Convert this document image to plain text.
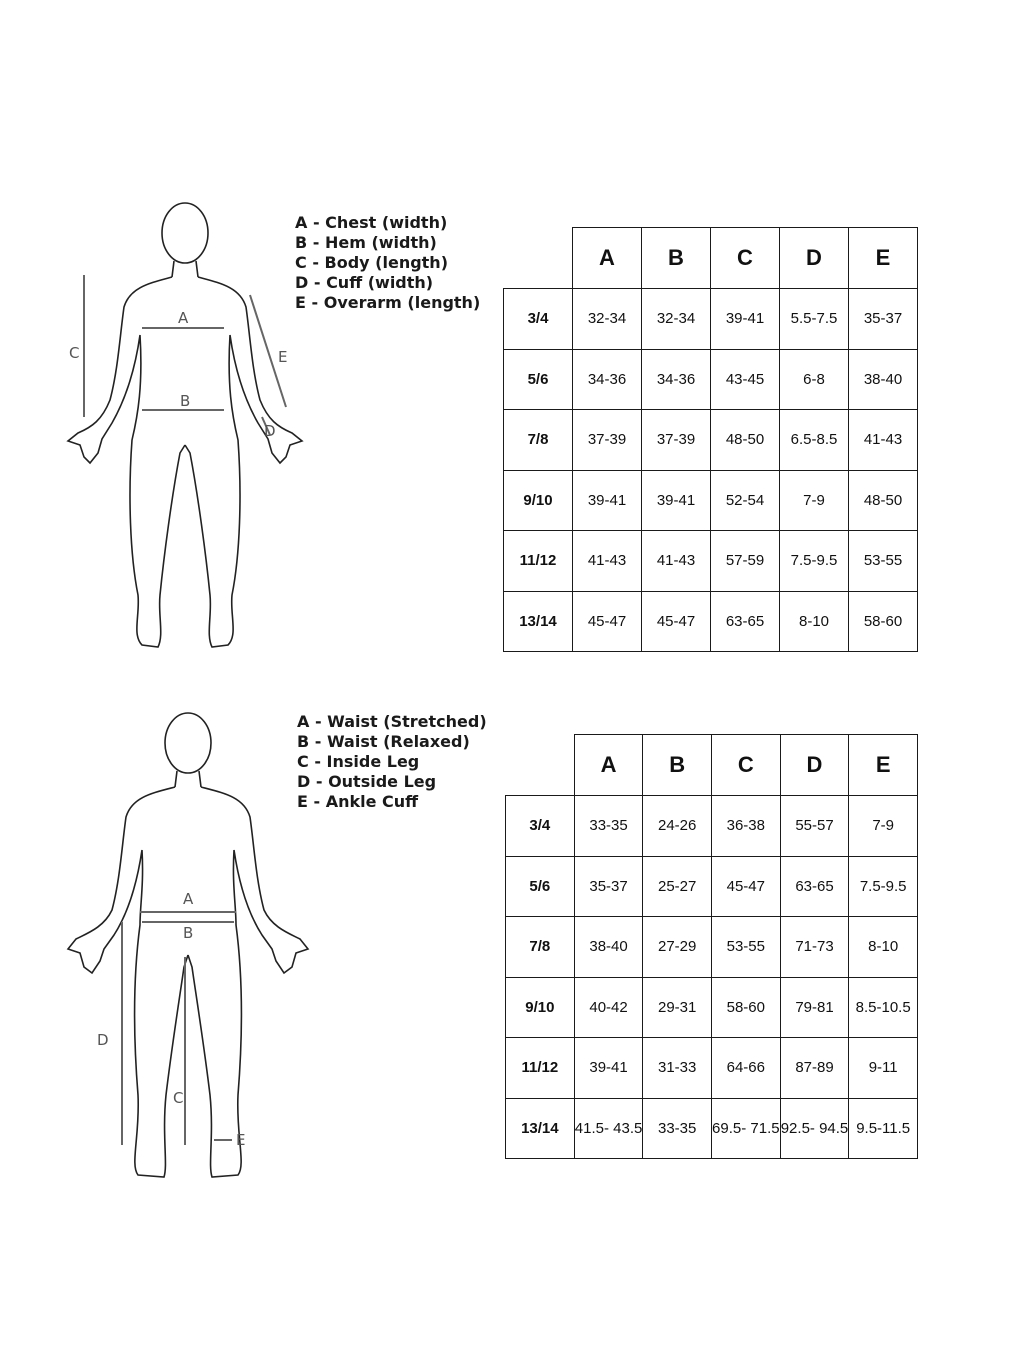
A
B
C
D
E
A - Chest (width)
B - Hem (width)
C - Body (length)
D - Cuff (width)
E - Overarm (length)
	A	B	C	D	E
3/4	32-34	32-34	39-41	5.5-7.5	35-37
5/6	34-36	34-36	43-45	6-8	38-40
7/8	37-39	37-39	48-50	6.5-8.5	41-43
9/10	39-41	39-41	52-54	7-9	48-50
11/12	41-43	41-43	57-59	7.5-9.5	53-55
13/14	45-47	45-47	63-65	8-10	58-60
A
B
C
D
E
A - Waist (Stretched)
B - Waist (Relaxed)
C - Inside Leg
D - Outside Leg
E - Ankle Cuff
	A	B	C	D	E
3/4	33-35	24-26	36-38	55-57	7-9
5/6	35-37	25-27	45-47	63-65	7.5-9.5
7/8	38-40	27-29	53-55	71-73	8-10
9/10	40-42	29-31	58-60	79-81	8.5-10.5
11/12	39-41	31-33	64-66	87-89	9-11
13/14	41.5- 43.5	33-35	69.5- 71.5	92.5- 94.5	9.5-11.5
